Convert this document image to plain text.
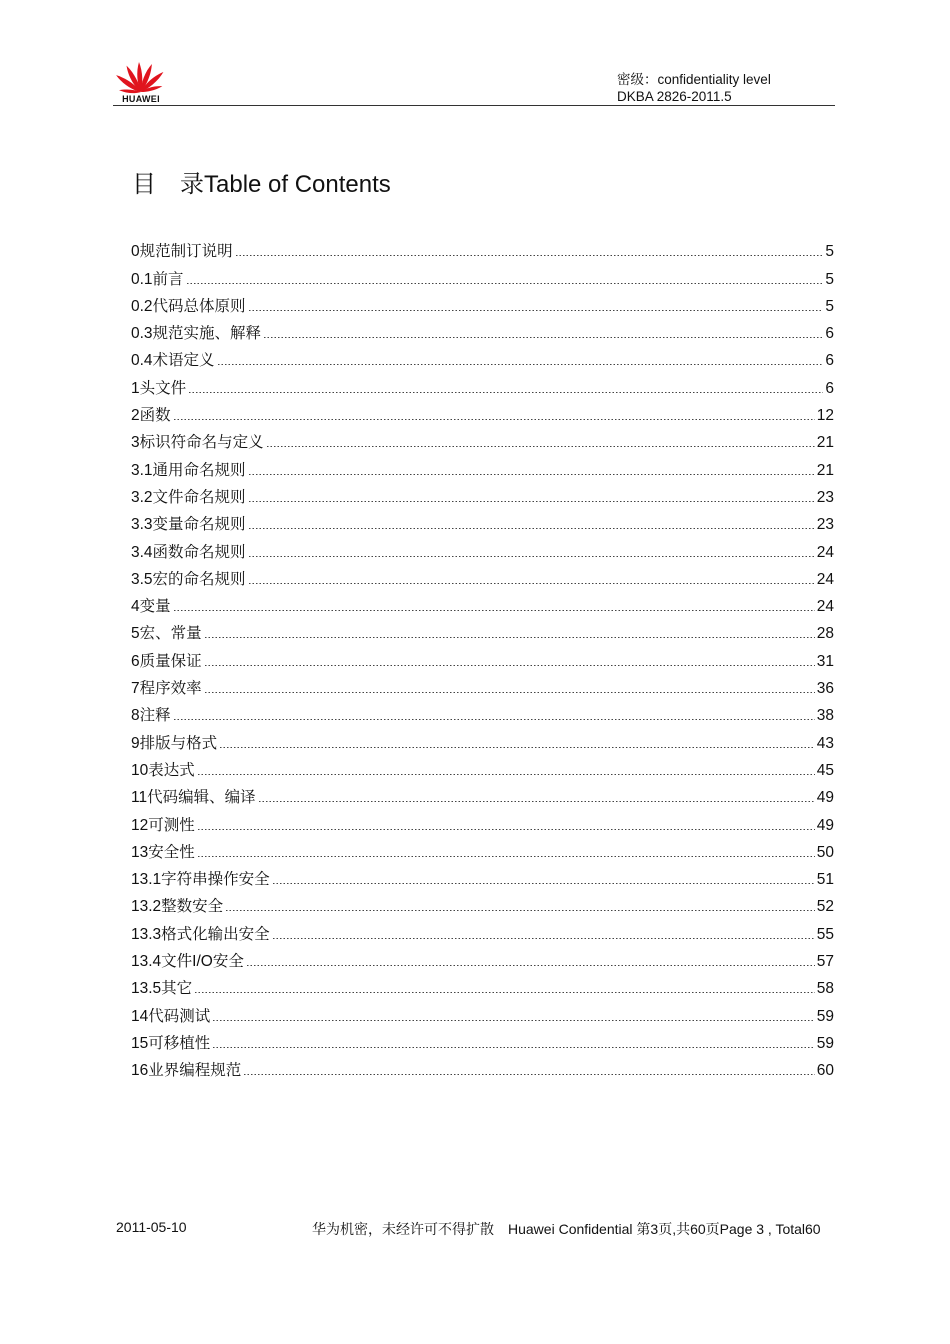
HUAWEI
密级：confidentiality level
DKBA 2826-2011.5
目　录Table of Contents
0规范制订说明	5
0.1前言	5
0.2代码总体原则	5
0.3规范实施、解释	6
0.4术语定义	6
1头文件	6
2函数	12
3标识符命名与定义	21
3.1通用命名规则	21
3.2文件命名规则	23
3.3变量命名规则	23
3.4函数命名规则	24
3.5宏的命名规则	24
4变量	24
5宏、常量	28
6质量保证	31
7程序效率	36
8注释	38
9排版与格式	43
10表达式	45
11代码编辑、编译	49
12可测性	49
13安全性	50
13.1字符串操作安全	51
13.2整数安全	52
13.3格式化输出安全	55
13.4文件I/O安全	57
13.5其它	58
14代码测试	59
15可移植性	59
16业界编程规范	60
2011-05-10	华为机密，未经许可不得扩散　Huawei Confidential 第3页,共60页Page 3 , Total60
